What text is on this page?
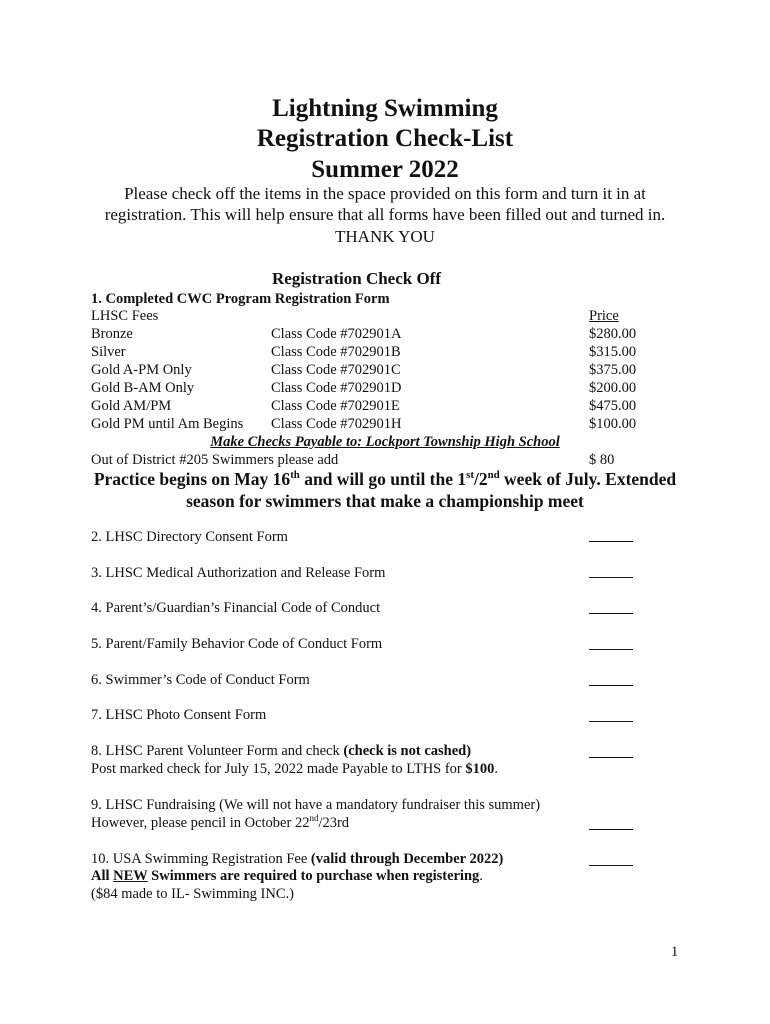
Lightning Swimming
Registration Check-List
Summer 2022
Please check off the items in the space provided on this form and turn it in at
registration. This will help ensure that all forms have been filled out and turned in.
THANK YOU
Registration Check Off
1. Completed CWC Program Registration Form
LHSC Fees	Price
Bronze	Class Code #702901A	$280.00
Silver	Class Code #702901B	$315.00
Gold A-PM Only	Class Code #702901C	$375.00
Gold B-AM Only	Class Code #702901D	$200.00
Gold AM/PM	Class Code #702901E	$475.00
Gold PM until Am Begins Class Code #702901H	$100.00
Make Checks Payable to: Lockport Township High School
Out of District #205 Swimmers please add	$ 80
Practice begins on May 16th and will go until the 1st/2nd week of July. Extended
season for swimmers that make a championship meet
2. LHSC Directory Consent Form
3. LHSC Medical Authorization and Release Form
4. Parent’s/Guardian’s Financial Code of Conduct
5. Parent/Family Behavior Code of Conduct Form
6. Swimmer’s Code of Conduct Form
7. LHSC Photo Consent Form
8. LHSC Parent Volunteer Form and check (check is not cashed)
Post marked check for July 15, 2022 made Payable to LTHS for $100.
9. LHSC Fundraising (We will not have a mandatory fundraiser this summer)
However, please pencil in October 22nd/23rd
10. USA Swimming Registration Fee (valid through December 2022)
All NEW Swimmers are required to purchase when registering.
($84 made to IL- Swimming INC.)
1
